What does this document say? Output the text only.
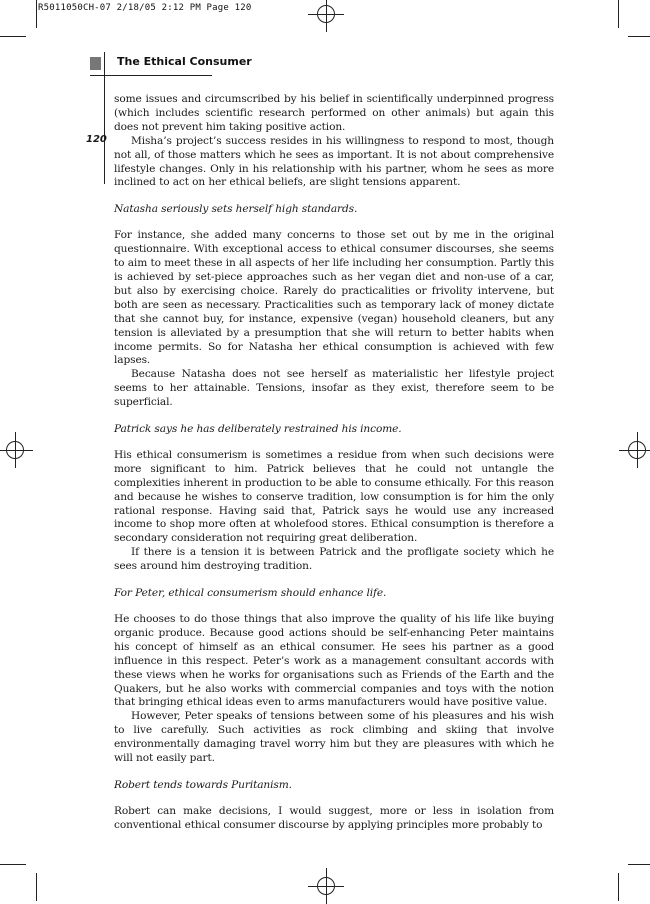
R5011050CH-07 2/18/05 2:12 PM Page 120
The Ethical Consumer
120

some issues and circumscribed by his belief in scientifically underpinned progress (which includes scientific research performed on other animals) but again this does not prevent him taking positive action.

Misha’s project’s success resides in his willingness to respond to most, though not all, of those matters which he sees as important. It is not about comprehensive lifestyle changes. Only in his relationship with his partner, whom he sees as more inclined to act on her ethical beliefs, are slight tensions apparent.

Natasha seriously sets herself high standards.

For instance, she added many concerns to those set out by me in the original questionnaire. With exceptional access to ethical consumer discourses, she seems to aim to meet these in all aspects of her life including her consumption. Partly this is achieved by set-piece approaches such as her vegan diet and non-use of a car, but also by exercising choice. Rarely do practicalities or frivolity intervene, but both are seen as necessary. Practicalities such as temporary lack of money dictate that she cannot buy, for instance, expensive (vegan) household cleaners, but any tension is alleviated by a presumption that she will return to better habits when income permits. So for Natasha her ethical consumption is achieved with few lapses.

Because Natasha does not see herself as materialistic her lifestyle project seems to her attainable. Tensions, insofar as they exist, therefore seem to be superficial.

Patrick says he has deliberately restrained his income.

His ethical consumerism is sometimes a residue from when such decisions were more significant to him. Patrick believes that he could not untangle the complexities inherent in production to be able to consume ethically. For this reason and because he wishes to conserve tradition, low consumption is for him the only rational response. Having said that, Patrick says he would use any increased income to shop more often at wholefood stores. Ethical consumption is therefore a secondary consideration not requiring great deliberation.

If there is a tension it is between Patrick and the profligate society which he sees around him destroying tradition.

For Peter, ethical consumerism should enhance life.

He chooses to do those things that also improve the quality of his life like buying organic produce. Because good actions should be self-enhancing Peter maintains his concept of himself as an ethical consumer. He sees his partner as a good influence in this respect. Peter’s work as a management consultant accords with these views when he works for organisations such as Friends of the Earth and the Quakers, but he also works with commercial companies and toys with the notion that bringing ethical ideas even to arms manufacturers would have positive value.

However, Peter speaks of tensions between some of his pleasures and his wish to live carefully. Such activities as rock climbing and skiing that involve environmentally damaging travel worry him but they are pleasures with which he will not easily part.

Robert tends towards Puritanism.

Robert can make decisions, I would suggest, more or less in isolation from conventional ethical consumer discourse by applying principles more probably to
